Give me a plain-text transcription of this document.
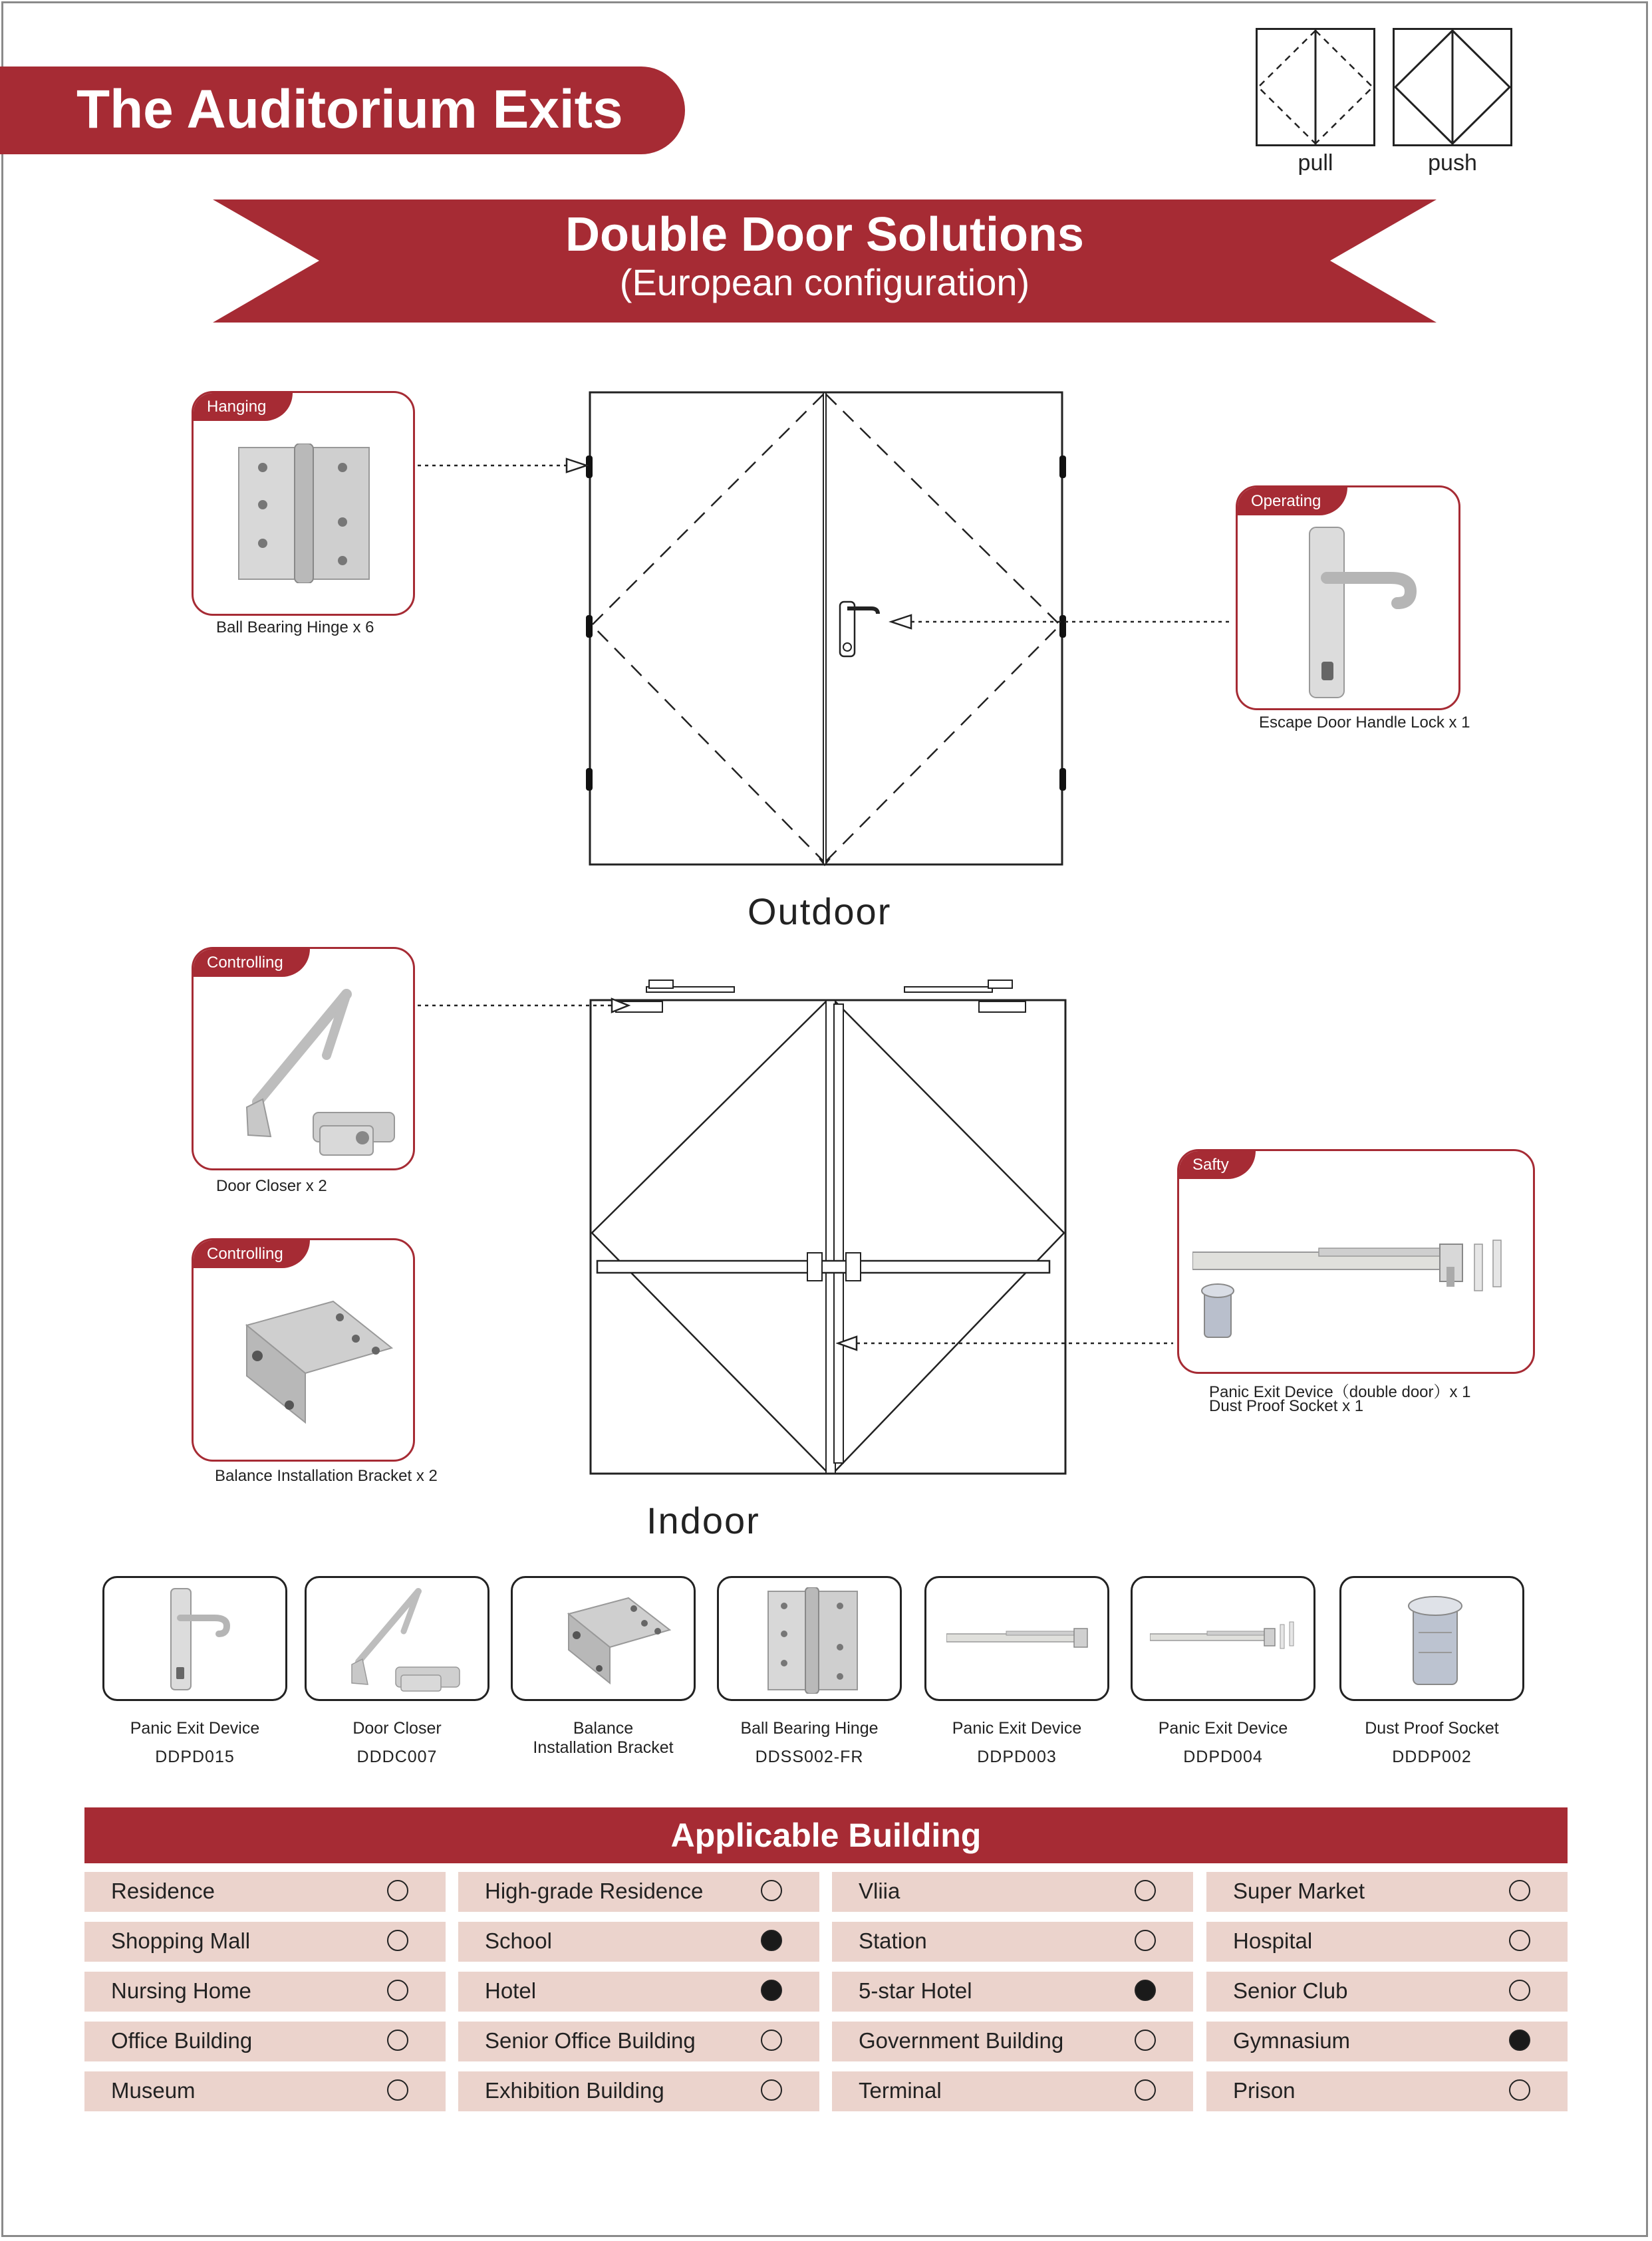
The Auditorium Exits
pull	push
Double Door Solutions
(European configuration)
Outdoor
Hanging
Ball Bearing Hinge x 6
Operating
Escape Door Handle Lock x 1
Indoor
Controlling
Door Closer x 2
Controlling
Balance Installation Bracket x 2
Safty
Panic Exit Device（double door）x 1
Dust Proof Socket x 1
Panic Exit Device
DDPD015
Door Closer
DDDC007
Balance
Installation Bracket
Ball Bearing Hinge
DDSS002-FR
Panic Exit Device
DDPD003
Panic Exit Device
DDPD004
Dust Proof Socket
DDDP002
Applicable Building
Residence	High-grade Residence	Vliia	Super Market
Shopping Mall	School	Station	Hospital
Nursing Home	Hotel	5-star Hotel	Senior Club
Office Building	Senior Office Building	Government Building	Gymnasium
Museum	Exhibition Building	Terminal	Prison
